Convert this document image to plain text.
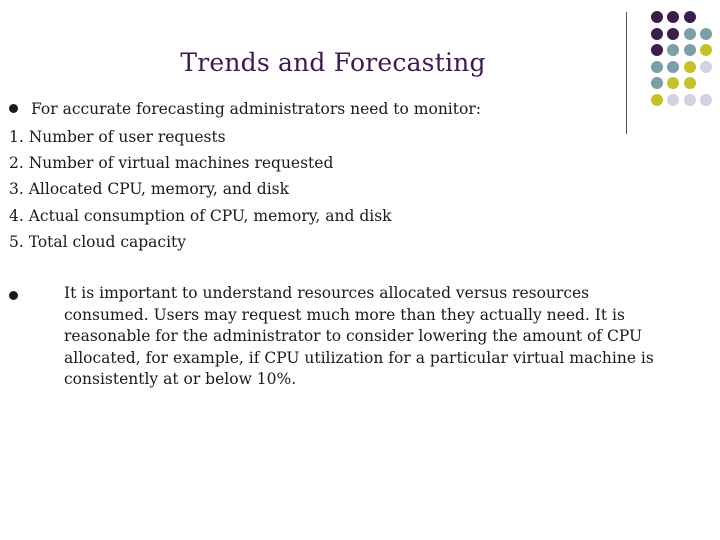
Trends and Forecasting
For accurate forecasting administrators need to monitor:
1. Number of user requests
2. Number of virtual machines requested
3. Allocated CPU, memory, and disk
4. Actual consumption of CPU, memory, and disk
5. Total cloud capacity
It is important to understand resources allocated versus resources consumed. Users may request much more than they actually need. It is reasonable for the administrator to consider lowering the amount of CPU allocated, for example, if CPU utilization for a particular virtual machine is consistently at or below 10%.
